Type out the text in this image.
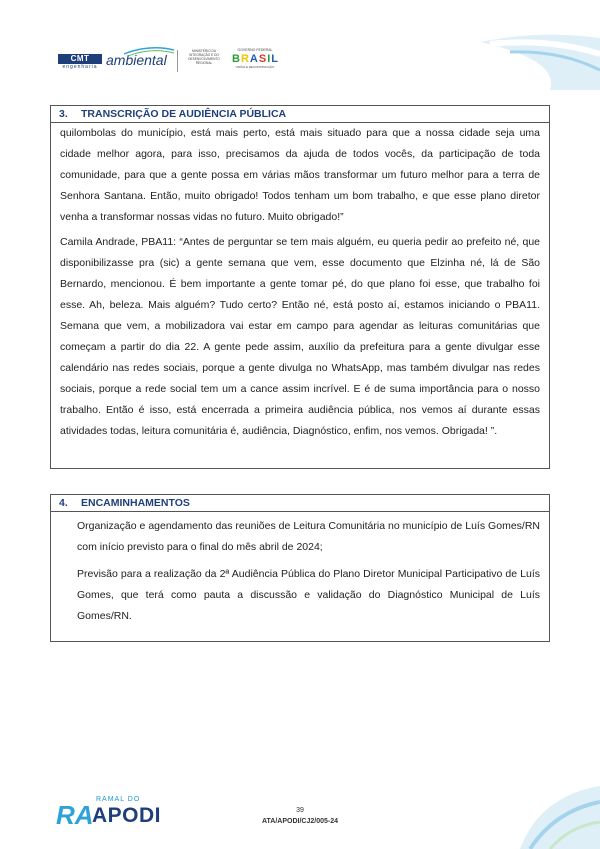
CMT
engenharia ambiental
MINISTÉRIO DA
INTEGRAÇÃO E DO
DESENVOLVIMENTO
REGIONAL
GOVERNO FEDERAL
BRASIL
UNIÃO E RECONSTRUÇÃO
3. TRANSCRIÇÃO DE AUDIÊNCIA PÚBLICA

quilombolas do município, está mais perto, está mais situado para que a nossa cidade seja uma cidade melhor agora, para isso, precisamos da ajuda de todos vocês, da participação de toda comunidade, para que a gente possa em várias mãos transformar um futuro melhor para a terra de Senhora Santana. Então, muito obrigado! Todos tenham um bom trabalho, e que esse plano diretor venha a transformar nossas vidas no futuro. Muito obrigado!”

Camila Andrade, PBA11: “Antes de perguntar se tem mais alguém, eu queria pedir ao prefeito né, que disponibilizasse pra (sic) a gente semana que vem, esse documento que Elzinha né, lá de São Bernardo, mencionou. É bem importante a gente tomar pé, do que plano foi esse, que trabalho foi esse. Ah, beleza. Mais alguém? Tudo certo? Então né, está posto aí, estamos iniciando o PBA11. Semana que vem, a mobilizadora vai estar em campo para agendar as leituras comunitárias que começam a partir do dia 22. A gente pede assim, auxílio da prefeitura para a gente divulgar esse calendário nas redes sociais, porque a gente divulga no WhatsApp, mas também divulgar nas redes sociais, porque a rede social tem um a cance assim incrível. E é de suma importância para o nosso trabalho. Então é isso, está encerrada a primeira audiência pública, nos vemos aí durante essas atividades todas, leitura comunitária é, audiência, Diagnóstico, enfim, nos vemos. Obrigada! ”.

4. ENCAMINHAMENTOS

Organização e agendamento das reuniões de Leitura Comunitária no município de Luís Gomes/RN com início previsto para o final do mês abril de 2024;

Previsão para a realização da 2ª Audiência Pública do Plano Diretor Municipal Participativo de Luís Gomes, que terá como pauta a discussão e validação do Diagnóstico Municipal de Luís Gomes/RN.

RA
RAMAL DO
APODI	39
ATA/APODI/CJ2/005-24
